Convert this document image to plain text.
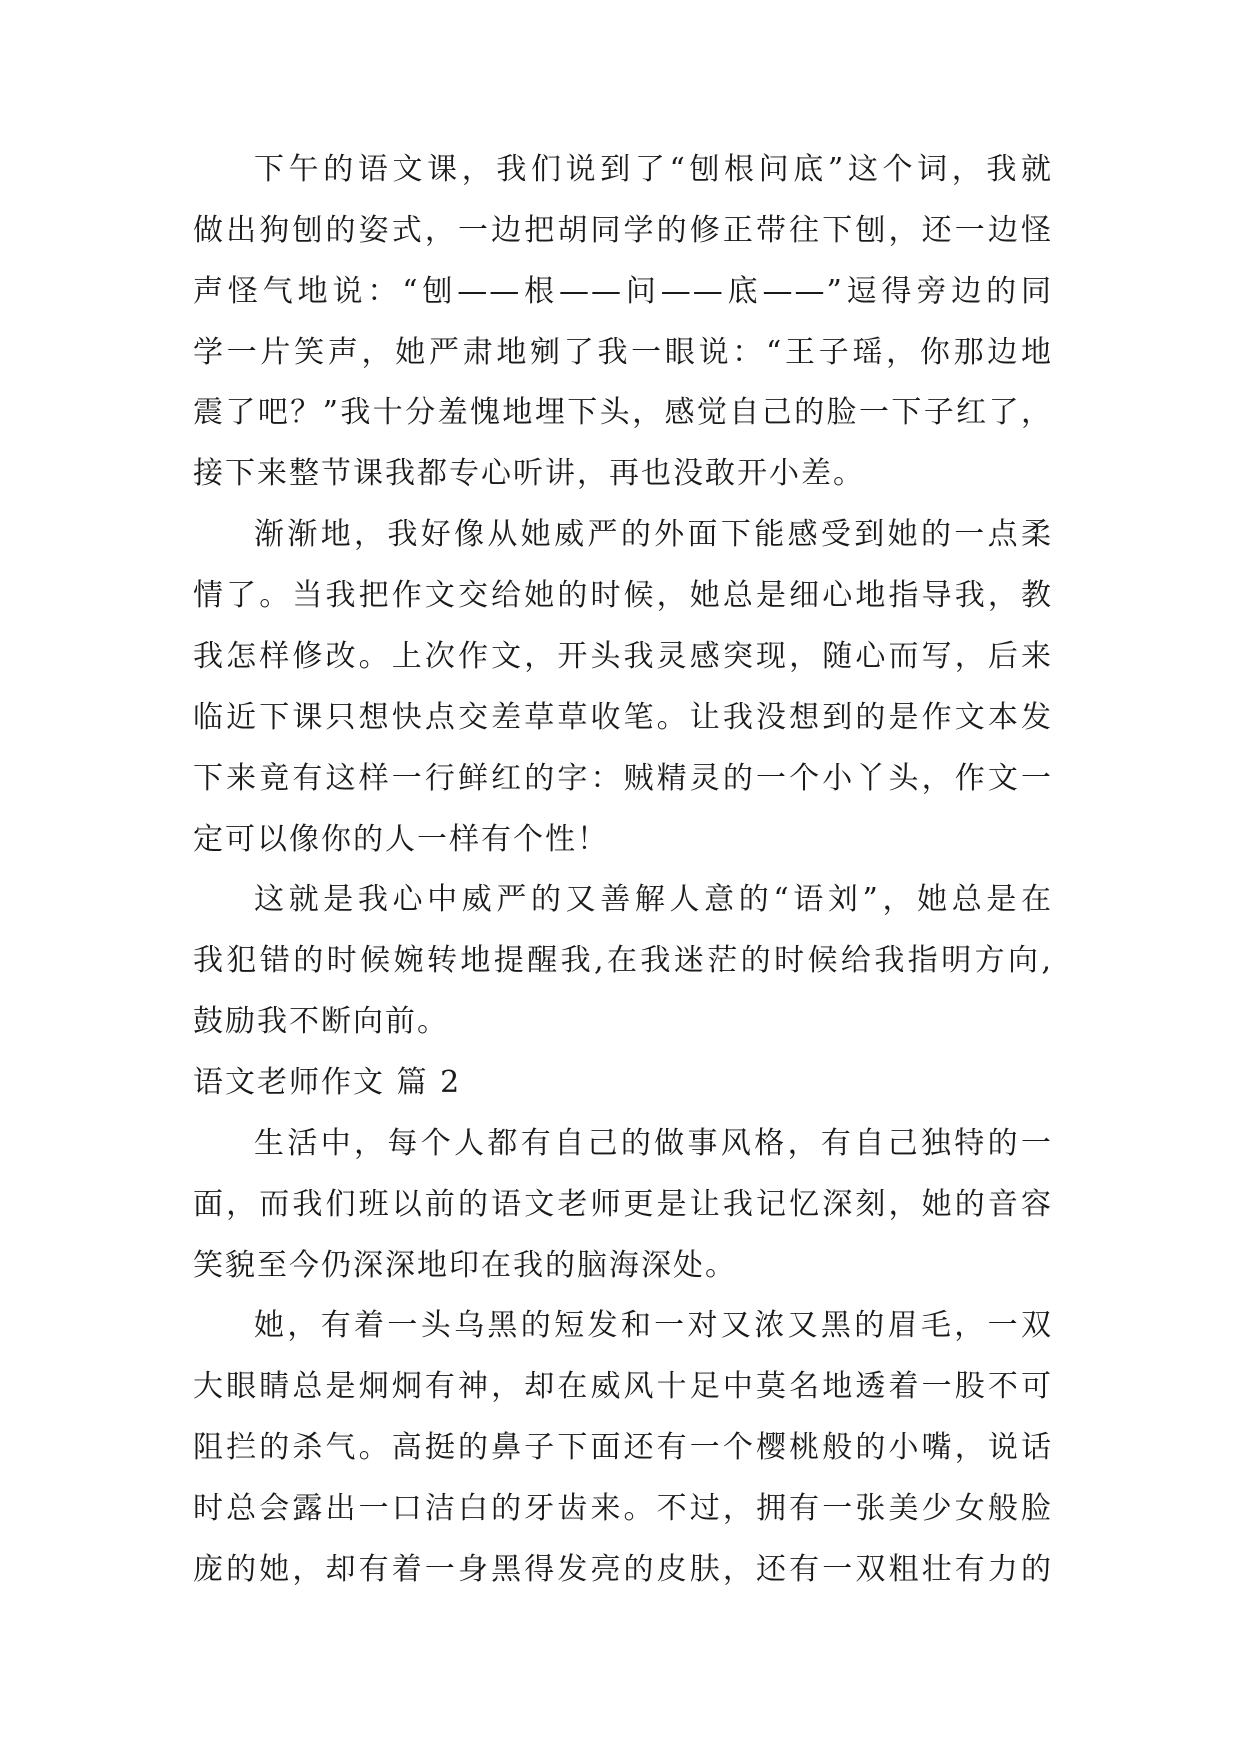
下午的语文课，我们说到了“刨根问底”这个词，我就
做出狗刨的姿式，一边把胡同学的修正带往下刨，还一边怪
声怪气地说：“刨——根——问——底——”逗得旁边的同
学一片笑声，她严肃地剜了我一眼说：“王子瑶，你那边地
震了吧？”我十分羞愧地埋下头，感觉自己的脸一下子红了，
接下来整节课我都专心听讲，再也没敢开小差。
渐渐地，我好像从她威严的外面下能感受到她的一点柔
情了。当我把作文交给她的时候，她总是细心地指导我，教
我怎样修改。上次作文，开头我灵感突现，随心而写，后来
临近下课只想快点交差草草收笔。让我没想到的是作文本发
下来竟有这样一行鲜红的字：贼精灵的一个小丫头，作文一
定可以像你的人一样有个性！
这就是我心中威严的又善解人意的“语刘”，她总是在
我犯错的时候婉转地提醒我,在我迷茫的时候给我指明方向,
鼓励我不断向前。
语文老师作文 篇 2
生活中，每个人都有自己的做事风格，有自己独特的一
面，而我们班以前的语文老师更是让我记忆深刻，她的音容
笑貌至今仍深深地印在我的脑海深处。
她，有着一头乌黑的短发和一对又浓又黑的眉毛，一双
大眼睛总是炯炯有神，却在威风十足中莫名地透着一股不可
阻拦的杀气。高挺的鼻子下面还有一个樱桃般的小嘴，说话
时总会露出一口洁白的牙齿来。不过，拥有一张美少女般脸
庞的她，却有着一身黑得发亮的皮肤，还有一双粗壮有力的
